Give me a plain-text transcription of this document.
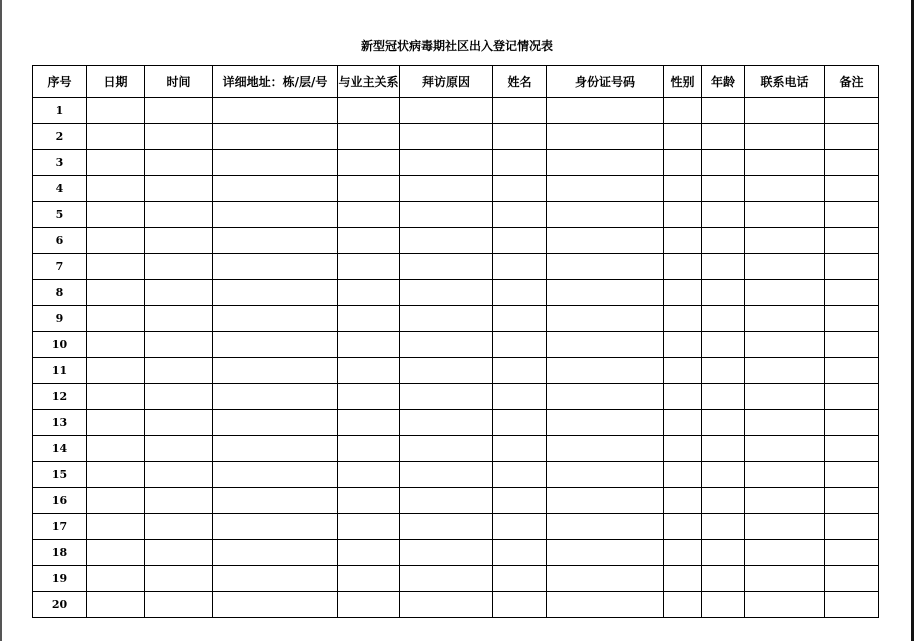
新型冠状病毒期社区出入登记情况表
序号	日期	时间	详细地址：栋/层/号	与业主关系	拜访原因	姓名	身份证号码	性别	年龄	联系电话	备注
1											
2											
3											
4											
5											
6											
7											
8											
9											
10											
11											
12											
13											
14											
15											
16											
17											
18											
19											
20											
